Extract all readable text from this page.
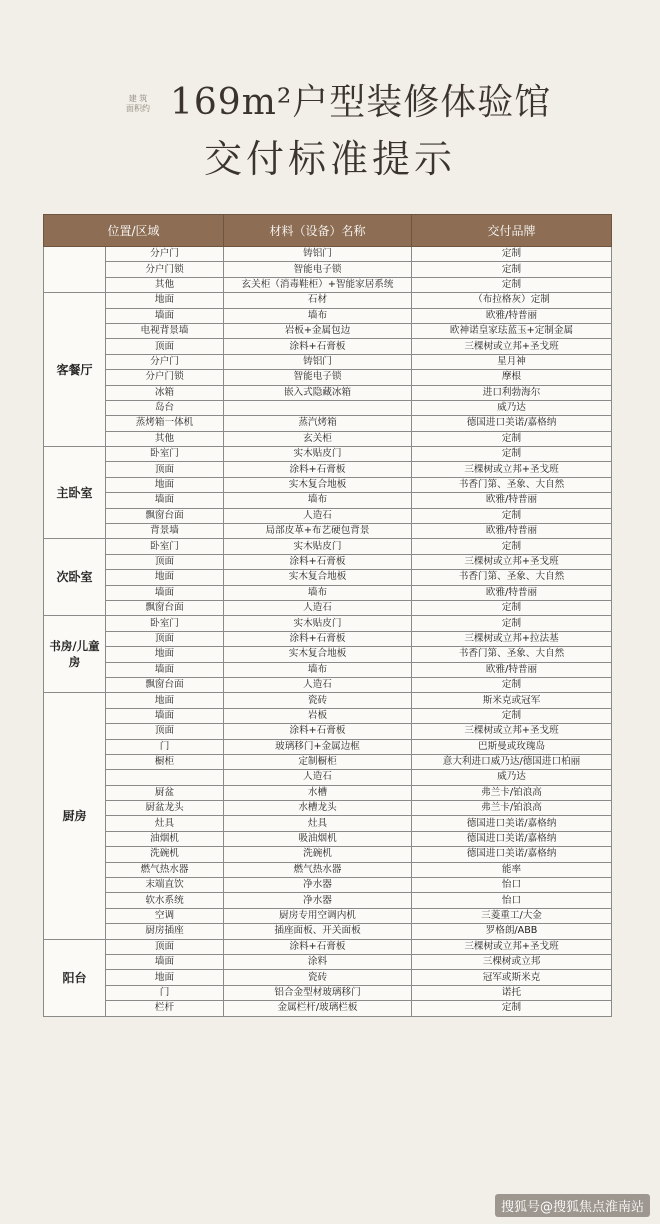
建 筑
面积约 169m²户型装修体验馆
交付标准提示
位置/区域		材料（设备）名称	交付品牌
	分户门	铸铝门	定制
	分户门锁	智能电子锁	定制
	其他	玄关柜（消毒鞋柜）+智能家居系统	定制
客餐厅	地面	石材	（布拉格灰）定制
	墙面	墙布	欧雅/特普丽
	电视背景墙	岩板+金属包边	欧神诺皇家珐蓝玉+定制金属
	顶面	涂料+石膏板	三棵树或立邦+圣戈班
	分户门	铸铝门	星月神
	分户门锁	智能电子锁	摩根
	冰箱	嵌入式隐藏冰箱	进口利勃海尔
	岛台		威乃达
	蒸烤箱一体机	蒸汽烤箱	德国进口美诺/嘉格纳
	其他	玄关柜	定制
主卧室	卧室门	实木贴皮门	定制
	顶面	涂料+石膏板	三棵树或立邦+圣戈班
	地面	实木复合地板	书香门第、圣象、大自然
	墙面	墙布	欧雅/特普丽
	飘窗台面	人造石	定制
	背景墙	局部皮革+布艺硬包背景	欧雅/特普丽
次卧室	卧室门	实木贴皮门	定制
	顶面	涂料+石膏板	三棵树或立邦+圣戈班
	地面	实木复合地板	书香门第、圣象、大自然
	墙面	墙布	欧雅/特普丽
	飘窗台面	人造石	定制
书房/儿童房	卧室门	实木贴皮门	定制
	顶面	涂料+石膏板	三棵树或立邦+拉法基
	地面	实木复合地板	书香门第、圣象、大自然
	墙面	墙布	欧雅/特普丽
	飘窗台面	人造石	定制
厨房	地面	瓷砖	斯米克或冠军
	墙面	岩板	定制
	顶面	涂料+石膏板	三棵树或立邦+圣戈班
	门	玻璃移门+金属边框	巴斯曼或玫瑰岛
	橱柜	定制橱柜	意大利进口威乃达/德国进口柏丽
		人造石	威乃达
	厨盆	水槽	弗兰卡/铂浪高
	厨盆龙头	水槽龙头	弗兰卡/铂浪高
	灶具	灶具	德国进口美诺/嘉格纳
	油烟机	吸油烟机	德国进口美诺/嘉格纳
	洗碗机	洗碗机	德国进口美诺/嘉格纳
	燃气热水器	燃气热水器	能率
	末端直饮	净水器	怡口
	软水系统	净水器	怡口
	空调	厨房专用空调内机	三菱重工/大金
	厨房插座	插座面板、开关面板	罗格朗/ABB
阳台	顶面	涂料+石膏板	三棵树或立邦+圣戈班
	墙面	涂料	三棵树或立邦
	地面	瓷砖	冠军或斯米克
	门	铝合金型材玻璃移门	诺托
	栏杆	金属栏杆/玻璃栏板	定制
搜狐号@搜狐焦点淮南站
